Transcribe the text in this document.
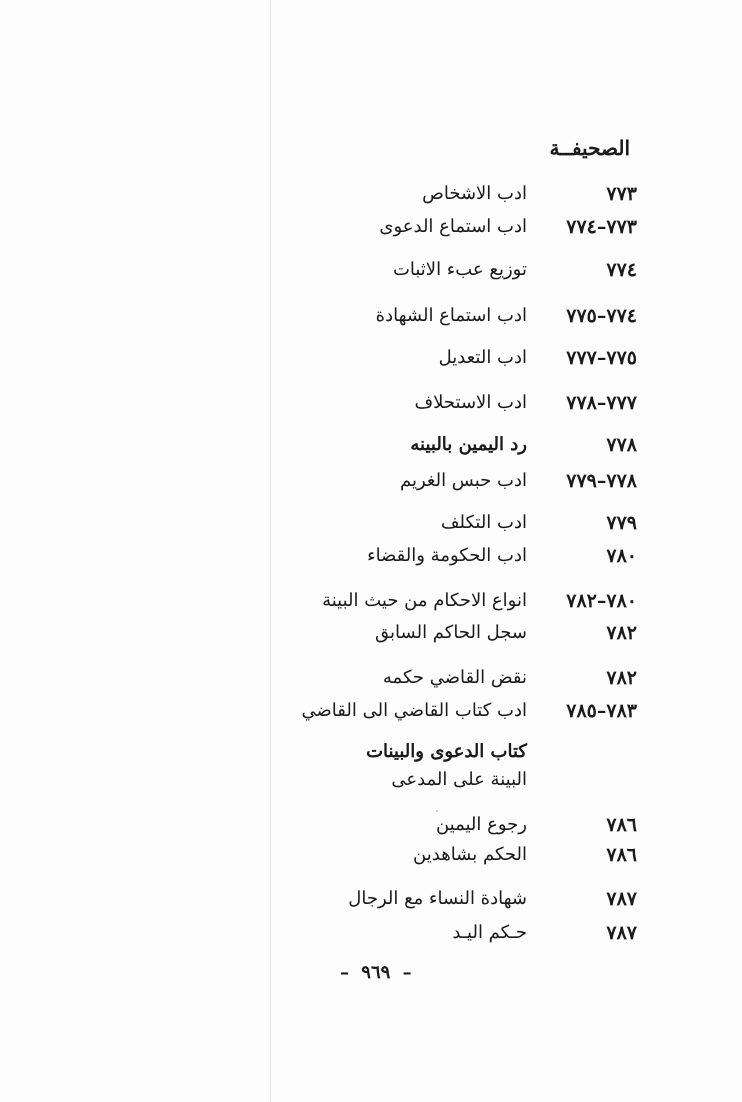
الصحيفــة
٧٧٣
ادب الاشخاص
٧٧٣–٧٧٤
ادب استماع الدعوى
٧٧٤
توزيع عبء الاثبات
٧٧٤–٧٧٥
ادب استماع الشهادة
٧٧٥–٧٧٧
ادب التعديل
٧٧٧–٧٧٨
ادب الاستحلاف
٧٧٨
رد اليمين بالبينه
٧٧٨–٧٧٩
ادب حبس الغريم
٧٧٩
ادب التكلف
٧٨٠
ادب الحكومة والقضاء
٧٨٠–٧٨٢
انواع الاحكام من حيث البينة
٧٨٢
سجل الحاكم السابق
٧٨٢
نقض القاضي حكمه
٧٨٣–٧٨٥
ادب كتاب القاضي الى القاضي
كتاب الدعوى والبينات
البينة على المدعى
٧٨٦
رجوع اليمين
٧٨٦
الحكم بشاهدين
٧٨٧
شهادة النساء مع الرجال
٧٨٧
حـكم اليـد
– ٩٦٩ –
